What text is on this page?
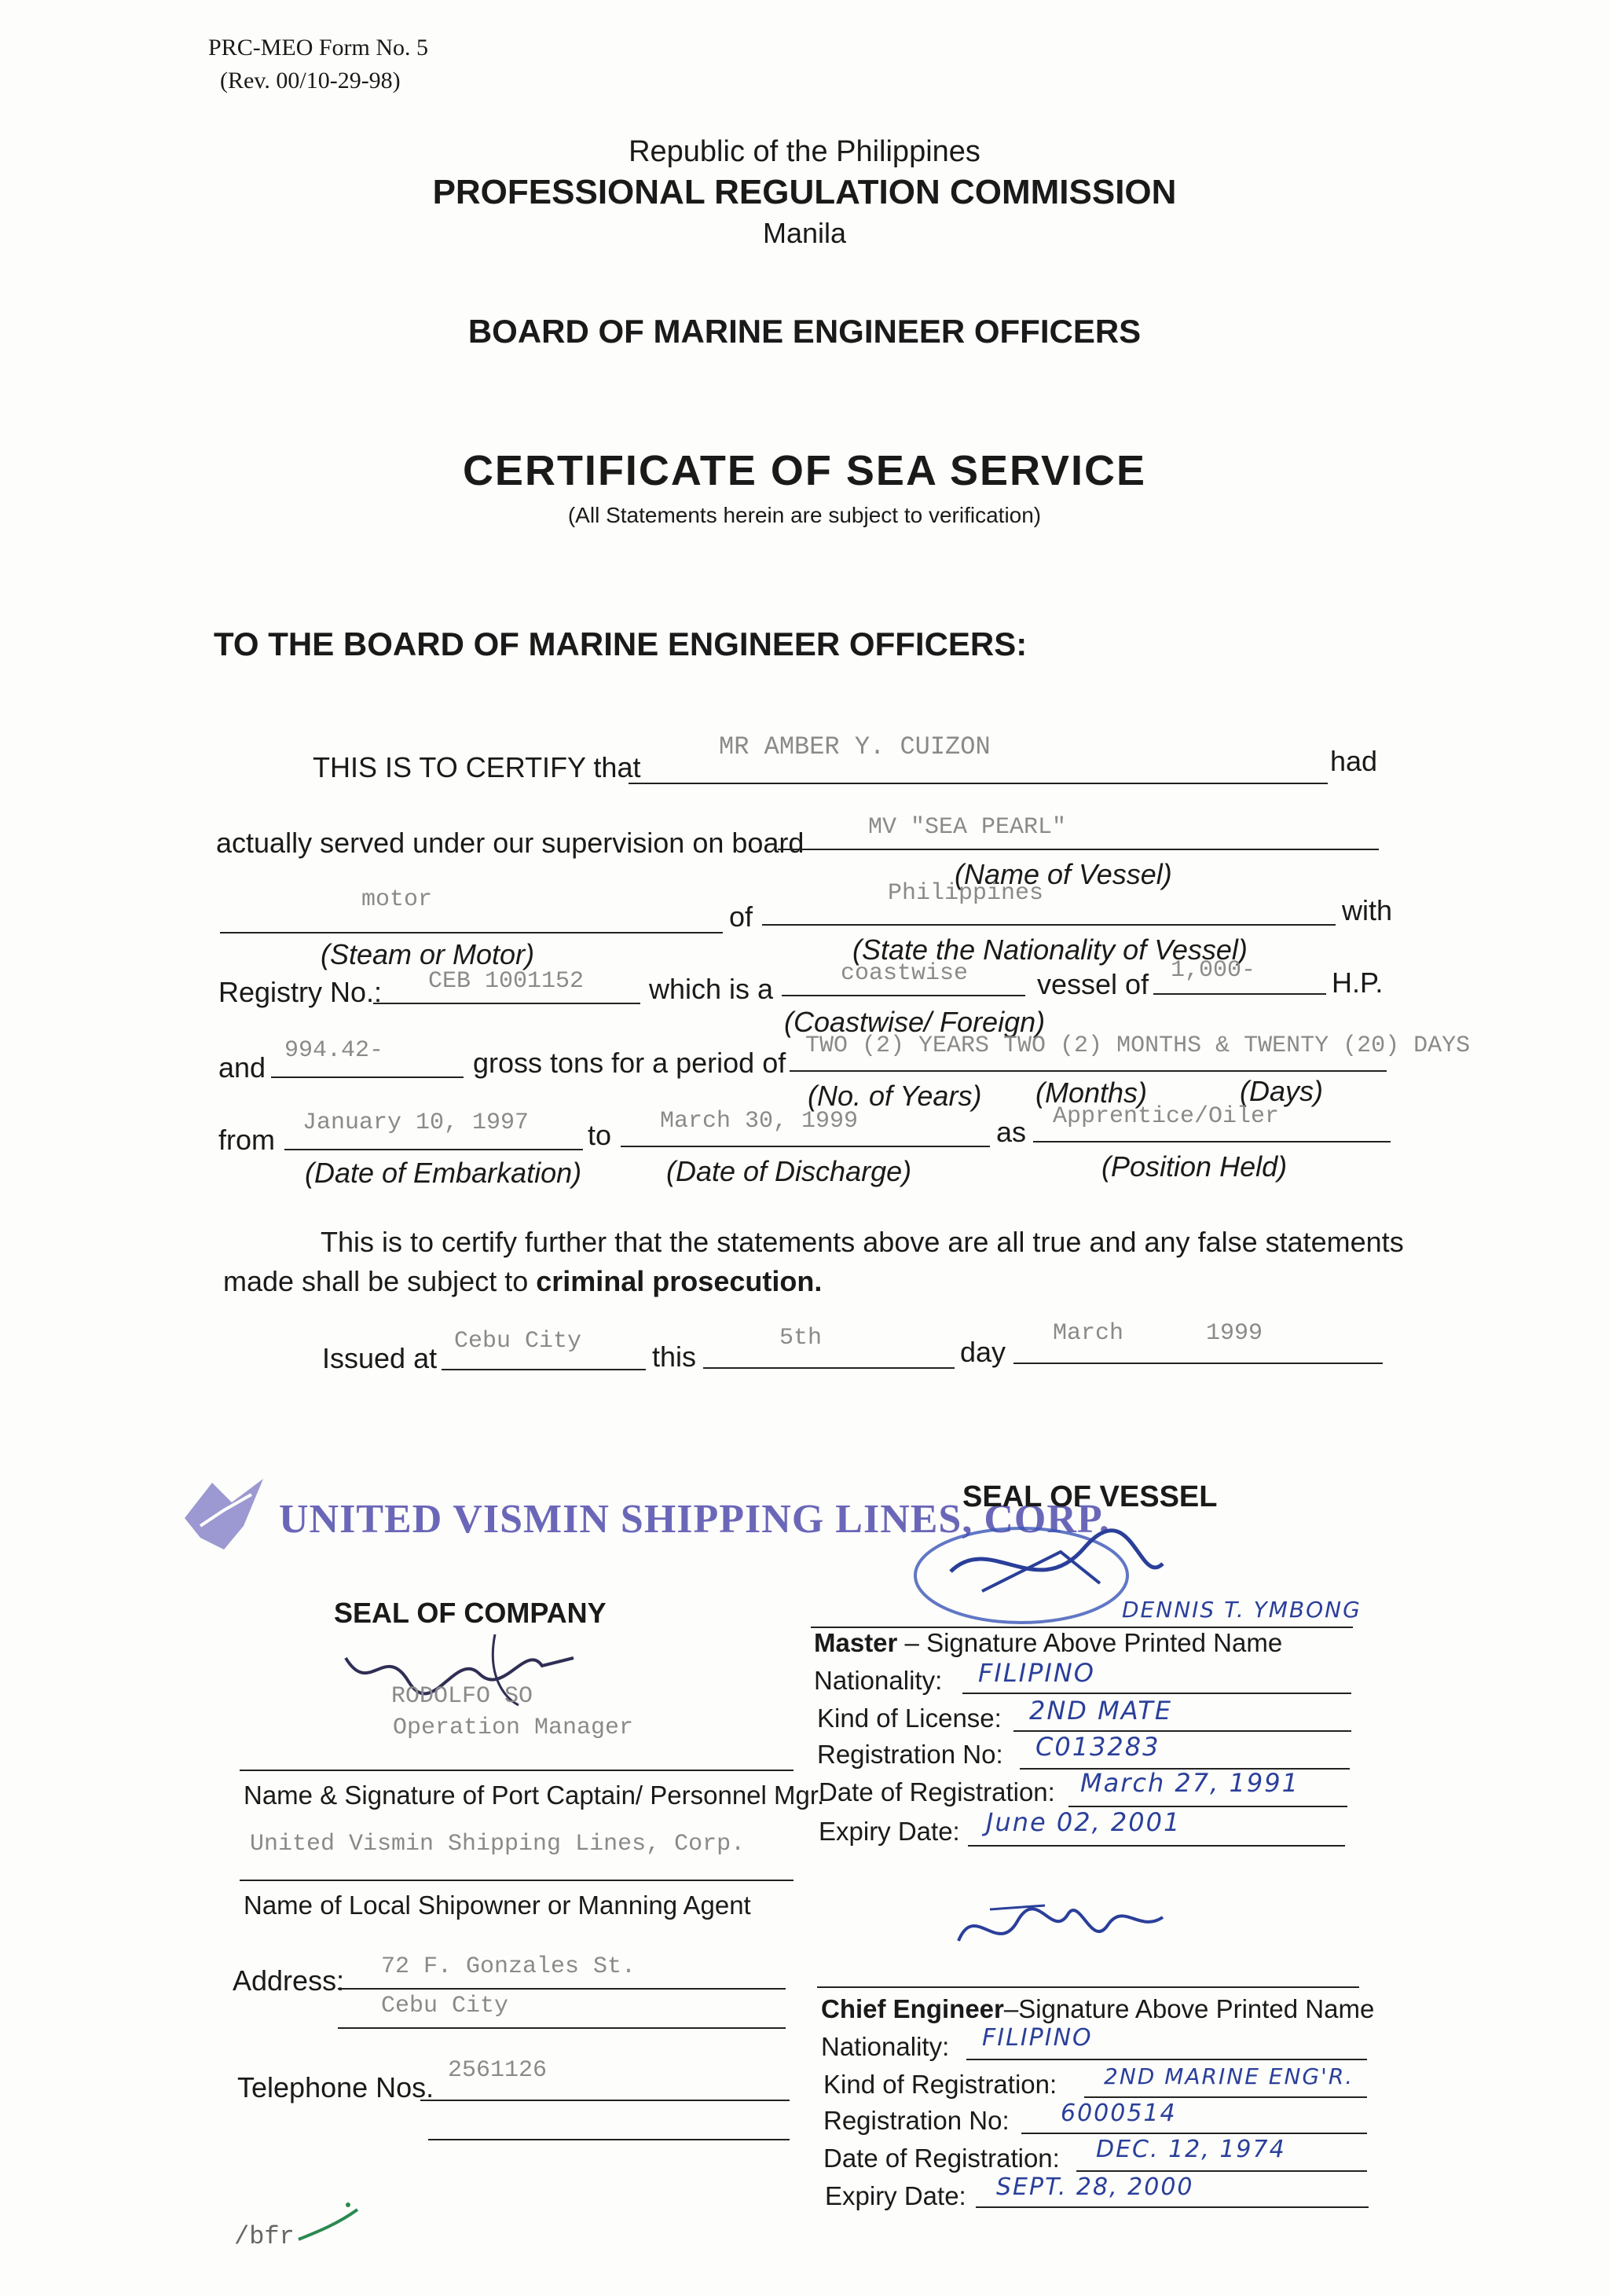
PRC-MEO Form No. 5
(Rev. 00/10-29-98)
Republic of the Philippines
PROFESSIONAL REGULATION COMMISSION
Manila
BOARD OF MARINE ENGINEER OFFICERS
CERTIFICATE OF SEA SERVICE
(All Statements herein are subject to verification)
TO THE BOARD OF MARINE ENGINEER OFFICERS:
THIS IS TO CERTIFY that
MR AMBER Y. CUIZON	had
actually served under our supervision on board	MV "SEA PEARL"
(Name of Vessel)
motor
of
Philippines
with
(Steam or Motor)	(State the Nationality of Vessel)
Registry No.: CEB 1001152 which is a	coastwise vessel of 1,000-	H.P.
(Coastwise/ Foreign)
and
994.42-	gross tons for a period of
TWO (2) YEARS TWO (2) MONTHS & TWENTY (20) DAYS
(No. of Years) (Months)	(Days)
from
January 10, 1997 to March 30, 1999	as Apprentice/Oiler
(Date of Embarkation)	(Date of Discharge)	(Position Held)
This is to certify further that the statements above are all true and any false statements
made shall be subject to criminal prosecution.
Issued at
Cebu City this
5th	day
March	1999
UNITED VISMIN SHIPPING LINES, CORP.
SEAL OF VESSEL
SEAL OF COMPANY
RODOLFO SO
Operation Manager
Name & Signature of Port Captain/ Personnel Mgr.
United Vismin Shipping Lines, Corp.
Name of Local Shipowner or Manning Agent
Address: 72 F. Gonzales St.
Cebu City
Telephone Nos.
2561126
/bfr
DENNIS T. YMBONG
Master – Signature Above Printed Name
Nationality: FILIPINO
Kind of License: 2ND MATE
Registration No: C013283
Date of Registration: March 27, 1991
Expiry Date: June 02, 2001
Chief Engineer–Signature Above Printed Name
Nationality: FILIPINO
Kind of Registration: 2ND MARINE ENG'R.
Registration No: 6000514
Date of Registration: DEC. 12, 1974
Expiry Date: SEPT. 28, 2000
